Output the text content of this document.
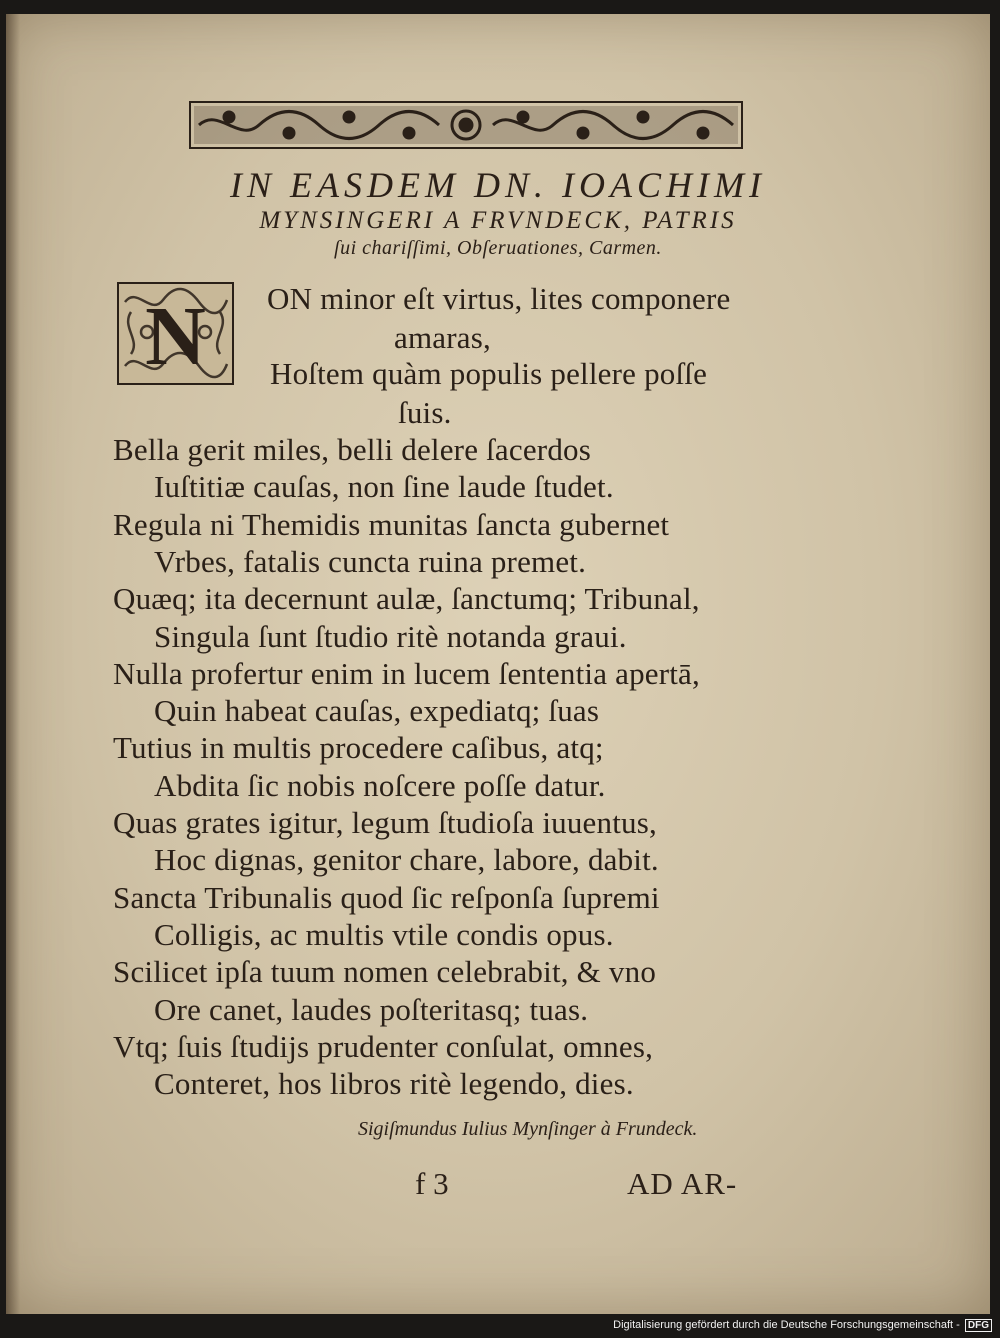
IN EASDEM DN. IOACHIMI
MYNSINGERI A FRVNDECK, PATRIS
ſui chariſſimi, Obſeruationes, Carmen.
N ON minor eſt virtus, lites componere
amaras,
Hoſtem quàm populis pellere poſſe
ſuis.
Bella gerit miles, belli delere ſacerdos
Iuſtitiæ cauſas, non ſine laude ſtudet.
Regula ni Themidis munitas ſancta gubernet
Vrbes, fatalis cuncta ruina premet.
Quæq; ita decernunt aulæ, ſanctumq; Tribunal,
Singula ſunt ſtudio ritè notanda graui.
Nulla profertur enim in lucem ſententia apertā,
Quin habeat cauſas, expediatq; ſuas
Tutius in multis procedere caſibus, atq;
Abdita ſic nobis noſcere poſſe datur.
Quas grates igitur, legum ſtudioſa iuuentus,
Hoc dignas, genitor chare, labore, dabit.
Sancta Tribunalis quod ſic reſponſa ſupremi
Colligis, ac multis vtile condis opus.
Scilicet ipſa tuum nomen celebrabit, & vno
Ore canet, laudes poſteritasq; tuas.
Vtq; ſuis ſtudijs prudenter conſulat, omnes,
Conteret, hos libros ritè legendo, dies.
Sigiſmundus Iulius Mynſinger à Frundeck.
f 3	AD AR-
Digitalisierung gefördert durch die Deutsche Forschungsgemeinschaft - DFG
